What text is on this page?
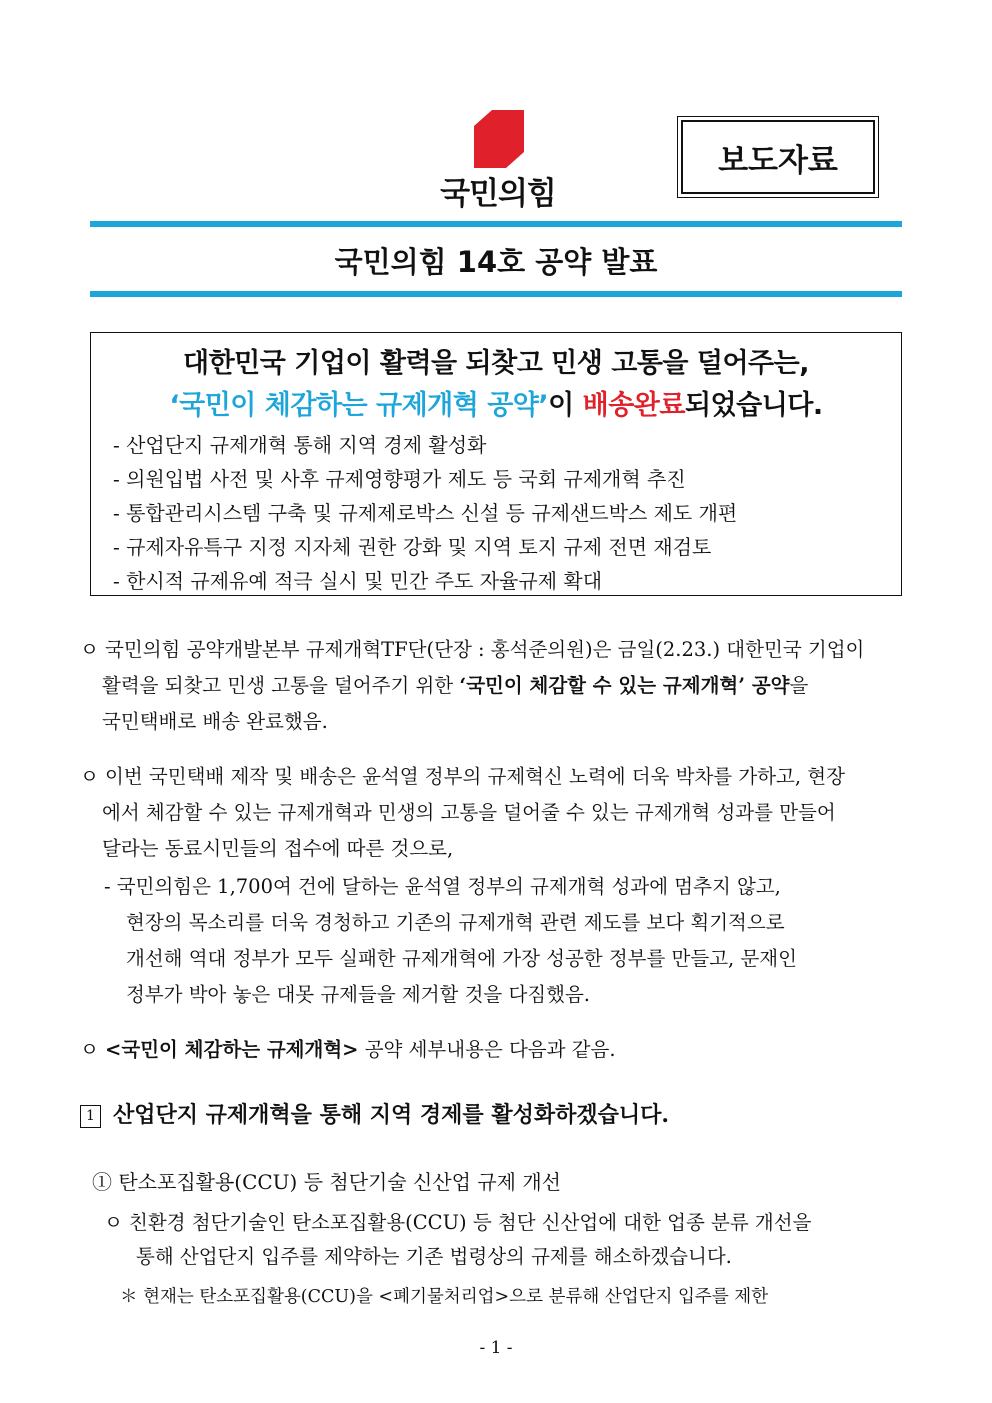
국민의힘
보도자료
국민의힘 14호 공약 발표
대한민국 기업이 활력을 되찾고 민생 고통을 덜어주는,
‘국민이 체감하는 규제개혁 공약’이 배송완료되었습니다.
- 산업단지 규제개혁 통해 지역 경제 활성화
- 의원입법 사전 및 사후 규제영향평가 제도 등 국회 규제개혁 추진
- 통합관리시스템 구축 및 규제제로박스 신설 등 규제샌드박스 제도 개편
- 규제자유특구 지정 지자체 권한 강화 및 지역 토지 규제 전면 재검토
- 한시적 규제유예 적극 실시 및 민간 주도 자율규제 확대
ㅇ 국민의힘 공약개발본부 규제개혁TF단(단장 : 홍석준의원)은 금일(2.23.) 대한민국 기업이
활력을 되찾고 민생 고통을 덜어주기 위한 ‘국민이 체감할 수 있는 규제개혁’ 공약을
국민택배로 배송 완료했음.
ㅇ 이번 국민택배 제작 및 배송은 윤석열 정부의 규제혁신 노력에 더욱 박차를 가하고, 현장
에서 체감할 수 있는 규제개혁과 민생의 고통을 덜어줄 수 있는 규제개혁 성과를 만들어
달라는 동료시민들의 접수에 따른 것으로,
- 국민의힘은 1,700여 건에 달하는 윤석열 정부의 규제개혁 성과에 멈추지 않고,
현장의 목소리를 더욱 경청하고 기존의 규제개혁 관련 제도를 보다 획기적으로
개선해 역대 정부가 모두 실패한 규제개혁에 가장 성공한 정부를 만들고, 문재인
정부가 박아 놓은 대못 규제들을 제거할 것을 다짐했음.
ㅇ <국민이 체감하는 규제개혁> 공약 세부내용은 다음과 같음.
1 산업단지 규제개혁을 통해 지역 경제를 활성화하겠습니다.
① 탄소포집활용(CCU) 등 첨단기술 신산업 규제 개선
ㅇ 친환경 첨단기술인 탄소포집활용(CCU) 등 첨단 신산업에 대한 업종 분류 개선을
통해 산업단지 입주를 제약하는 기존 법령상의 규제를 해소하겠습니다.
＊ 현재는 탄소포집활용(CCU)을 <폐기물처리업>으로 분류해 산업단지 입주를 제한
- 1 -
